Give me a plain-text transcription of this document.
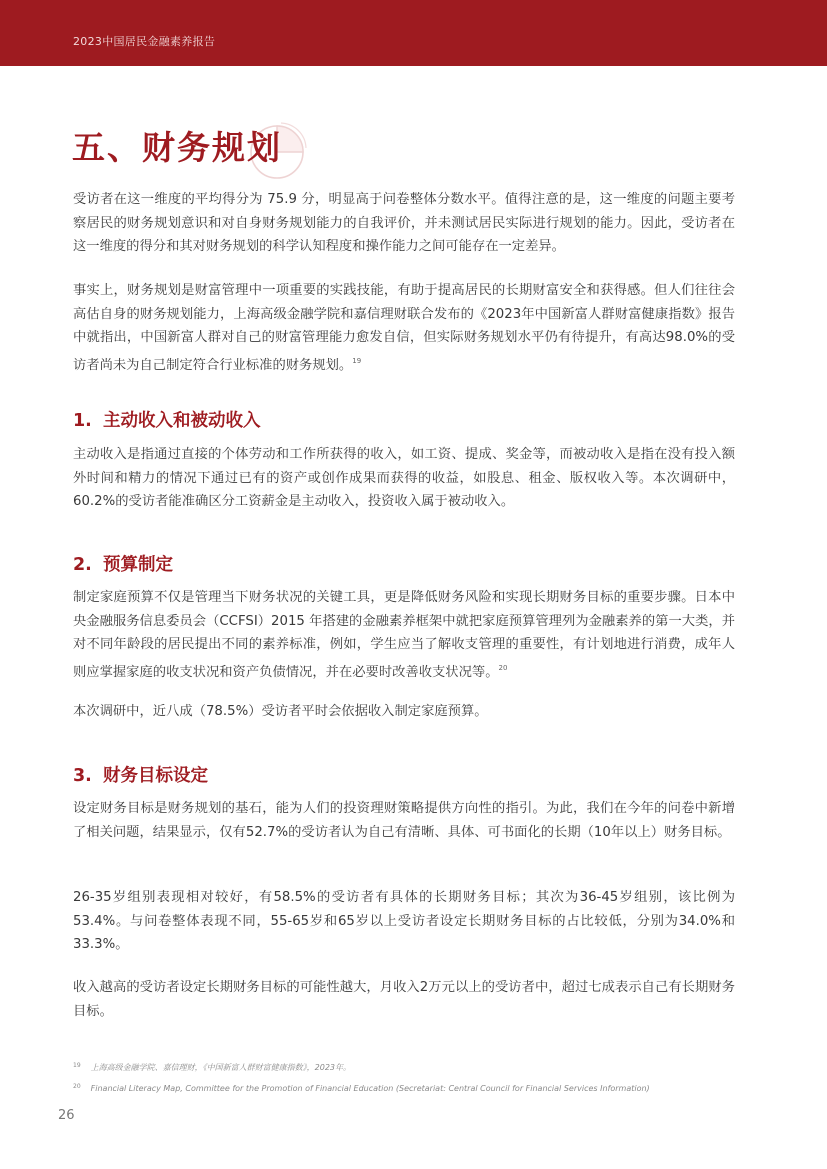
2023中国居民金融素养报告
五、财务规划

受访者在这一维度的平均得分为 75.9 分，明显高于问卷整体分数水平。值得注意的是，这一维度的问题主要考察居民的财务规划意识和对自身财务规划能力的自我评价，并未测试居民实际进行规划的能力。因此，受访者在这一维度的得分和其对财务规划的科学认知程度和操作能力之间可能存在一定差异。

事实上，财务规划是财富管理中一项重要的实践技能，有助于提高居民的长期财富安全和获得感。但人们往往会高估自身的财务规划能力，上海高级金融学院和嘉信理财联合发布的《2023年中国新富人群财富健康指数》报告中就指出，中国新富人群对自己的财富管理能力愈发自信，但实际财务规划水平仍有待提升，有高达98.0%的受访者尚未为自己制定符合行业标准的财务规划。$^{19}$

1. 主动收入和被动收入

主动收入是指通过直接的个体劳动和工作所获得的收入，如工资、提成、奖金等，而被动收入是指在没有投入额外时间和精力的情况下通过已有的资产或创作成果而获得的收益，如股息、租金、版权收入等。本次调研中，60.2%的受访者能准确区分工资薪金是主动收入，投资收入属于被动收入。

2. 预算制定

制定家庭预算不仅是管理当下财务状况的关键工具，更是降低财务风险和实现长期财务目标的重要步骤。日本中央金融服务信息委员会（CCFSI）2015 年搭建的金融素养框架中就把家庭预算管理列为金融素养的第一大类，并对不同年龄段的居民提出不同的素养标准，例如，学生应当了解收支管理的重要性，有计划地进行消费，成年人则应掌握家庭的收支状况和资产负债情况，并在必要时改善收支状况等。$^{20}$

本次调研中，近八成（78.5%）受访者平时会依据收入制定家庭预算。

3. 财务目标设定

设定财务目标是财务规划的基石，能为人们的投资理财策略提供方向性的指引。为此，我们在今年的问卷中新增了相关问题，结果显示，仅有52.7%的受访者认为自己有清晰、具体、可书面化的长期（10年以上）财务目标。

26-35岁组别表现相对较好，有58.5%的受访者有具体的长期财务目标；其次为36-45岁组别，该比例为53.4%。与问卷整体表现不同，55-65岁和65岁以上受访者设定长期财务目标的占比较低，分别为34.0%和33.3%。

收入越高的受访者设定长期财务目标的可能性越大，月收入2万元以上的受访者中，超过七成表示自己有长期财务目标。

$^{19}$ 上海高级金融学院、嘉信理财，《中国新富人群财富健康指数》，2023年。
$^{20}$ Financial Literacy Map, Committee for the Promotion of Financial Education (Secretariat: Central Council for Financial Services Information)
26
